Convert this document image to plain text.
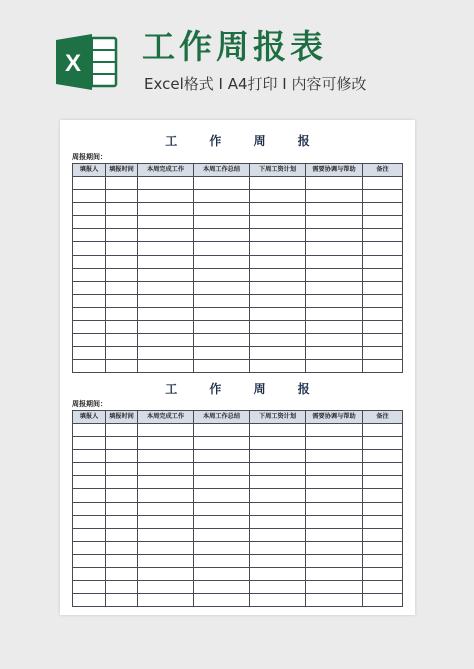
X 工作周报表
Excel格式 I A4打印 I 内容可修改
工 作 周 报
周报期间：
填报人	填报时间	本周完成工作	本周工作总结	下周工资计划	需要协调与帮助	备注

工 作 周 报
周报期间：
填报人	填报时间	本周完成工作	本周工作总结	下周工资计划	需要协调与帮助	备注
